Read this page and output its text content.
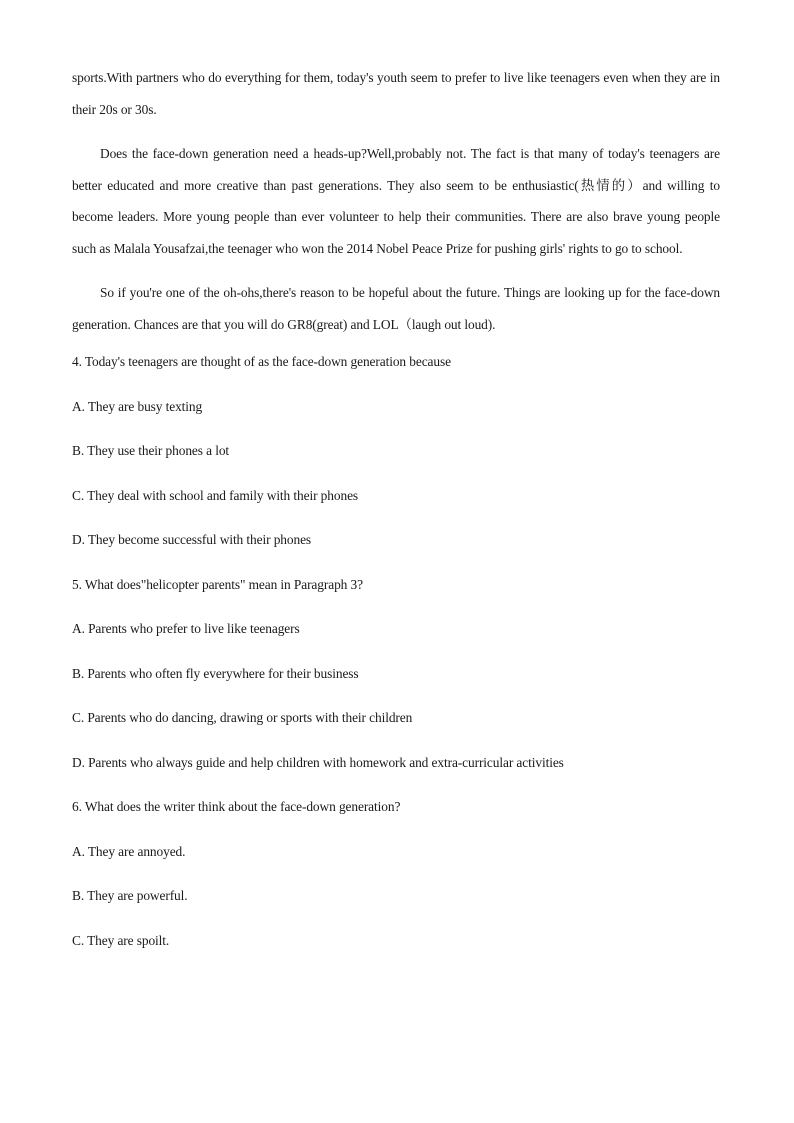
sports.With partners who do everything for them, today's youth seem to prefer to live like teenagers even when they are in their 20s or 30s.

Does the face-down generation need a heads-up?Well,probably not. The fact is that many of today's teenagers are better educated and more creative than past generations. They also seem to be enthusiastic(热情的）and willing to become leaders. More young people than ever volunteer to help their communities. There are also brave young people such as Malala Yousafzai,the teenager who won the 2014 Nobel Peace Prize for pushing girls' rights to go to school.

So if you're one of the oh-ohs,there's reason to be hopeful about the future. Things are looking up for the face-down generation. Chances are that you will do GR8(great) and LOL（laugh out loud).

4. Today's teenagers are thought of as the face-down generation because

A. They are busy texting

B. They use their phones a lot

C. They deal with school and family with their phones

D. They become successful with their phones

5. What does"helicopter parents" mean in Paragraph 3?

A. Parents who prefer to live like teenagers

B. Parents who often fly everywhere for their business

C. Parents who do dancing, drawing or sports with their children

D. Parents who always guide and help children with homework and extra-curricular activities

6. What does the writer think about the face-down generation?

A. They are annoyed.

B. They are powerful.

C. They are spoilt.
